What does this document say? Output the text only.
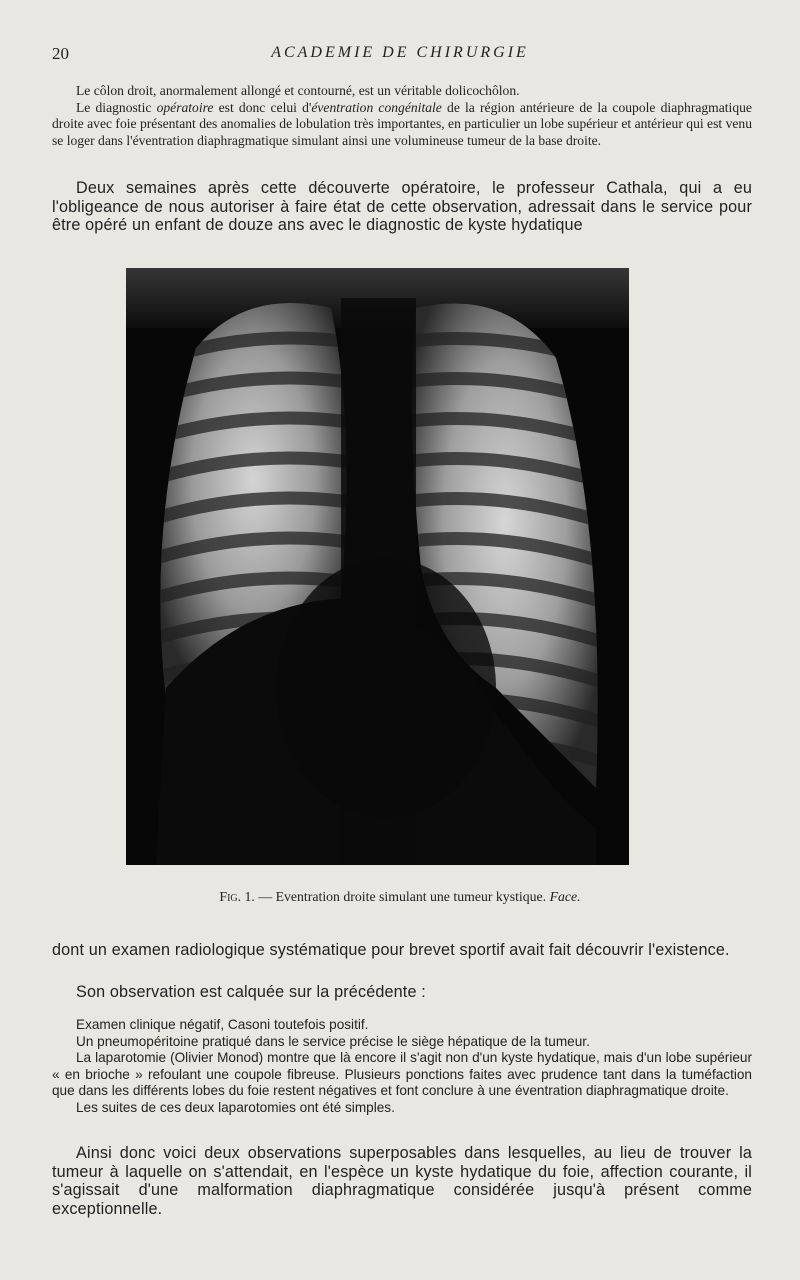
20	ACADEMIE DE CHIRURGIE

Le côlon droit, anormalement allongé et contourné, est un véritable dolicochôlon.

Le diagnostic opératoire est donc celui d'éventration congénitale de la région antérieure de la coupole diaphragmatique droite avec foie présentant des anomalies de lobulation très importantes, en particulier un lobe supérieur et antérieur qui est venu se loger dans l'éventration diaphragmatique simulant ainsi une volumineuse tumeur de la base droite.

Deux semaines après cette découverte opératoire, le professeur Cathala, qui a eu l'obligeance de nous autoriser à faire état de cette observation, adressait dans le service pour être opéré un enfant de douze ans avec le diagnostic de kyste hydatique

Fig. 1. — Eventration droite simulant une tumeur kystique. Face.

dont un examen radiologique systématique pour brevet sportif avait fait découvrir l'existence.

Son observation est calquée sur la précédente :

Examen clinique négatif, Casoni toutefois positif.

Un pneumopéritoine pratiqué dans le service précise le siège hépatique de la tumeur.

La laparotomie (Olivier Monod) montre que là encore il s'agit non d'un kyste hydatique, mais d'un lobe supérieur « en brioche » refoulant une coupole fibreuse. Plusieurs ponctions faites avec prudence tant dans la tuméfaction que dans les différents lobes du foie restent négatives et font conclure à une éventration diaphragmatique droite.

Les suites de ces deux laparotomies ont été simples.

Ainsi donc voici deux observations superposables dans lesquelles, au lieu de trouver la tumeur à laquelle on s'attendait, en l'espèce un kyste hydatique du foie, affection courante, il s'agissait d'une malformation diaphragmatique considérée jusqu'à présent comme exceptionnelle.
